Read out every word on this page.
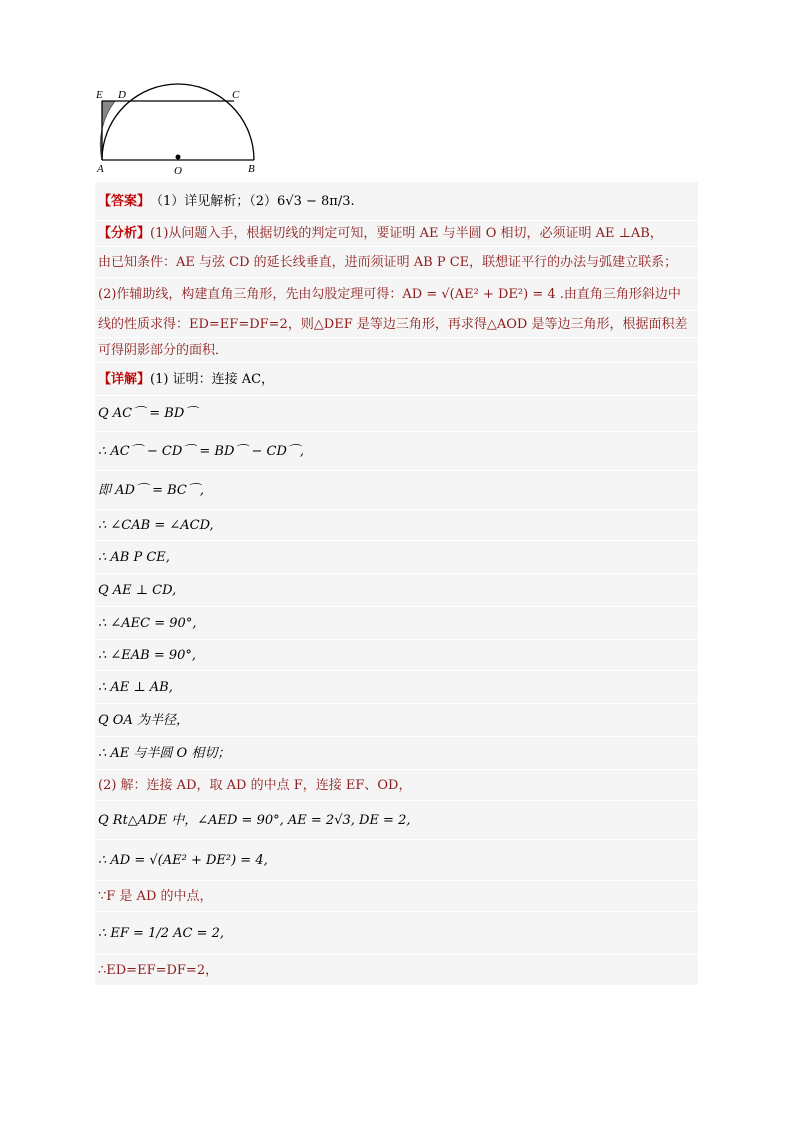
E D	C
A	O	B
【答案】 （1）详见解析；（2）6√3 − 8π/3.
【分析】 (1)从问题入手，根据切线的判定可知，要证明 AE 与半圆 O 相切，必须证明 AE ⊥AB，
由已知条件：AE 与弦 CD 的延长线垂直，进而须证明 AB P CE，联想证平行的办法与弧建立联系；
(2)作辅助线，构建直角三角形，先由勾股定理可得：AD = √(AE² + DE²) = 4 .由直角三角形斜边中
线的性质求得：ED=EF=DF=2，则△DEF 是等边三角形，再求得△AOD 是等边三角形，根据面积差
可得阴影部分的面积．
【详解】 (1) 证明：连接 AC，
Q AC⌒ = BD⌒
∴ AC⌒ − CD⌒ = BD⌒ − CD⌒,
即 AD⌒ = BC⌒,
∴ ∠CAB = ∠ACD,
∴ AB P CE,
Q AE ⊥ CD,
∴ ∠AEC = 90°,
∴ ∠EAB = 90°,
∴ AE ⊥ AB,
Q OA 为半径，
∴ AE 与半圆 O 相切；
(2) 解：连接 AD，取 AD 的中点 F，连接 EF、OD，
Q Rt△ADE 中，∠AED = 90°, AE = 2√3, DE = 2,
∴ AD = √(AE² + DE²) = 4,
∵F 是 AD 的中点，
∴ EF = 1/2 AC = 2,
∴ED=EF=DF=2，
